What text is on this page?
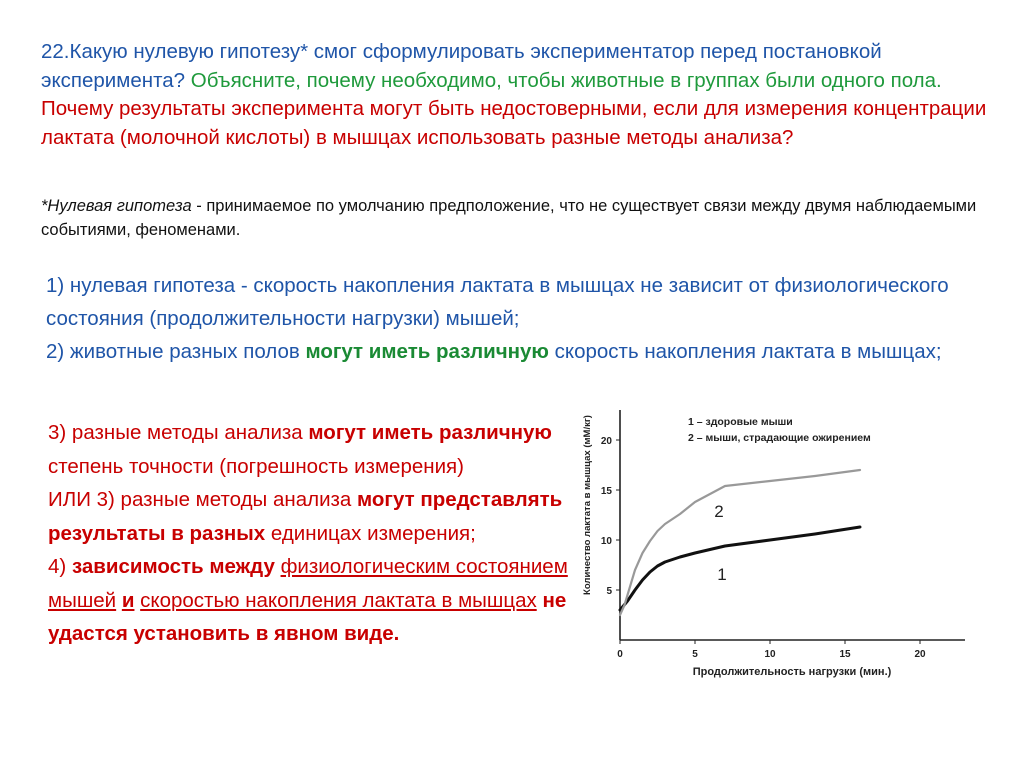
22.Какую нулевую гипотезу* смог сформулировать экспериментатор перед постановкой эксперимента? Объясните, почему необходимо, чтобы животные в группах были одного пола. Почему результаты эксперимента могут быть недостоверными, если для измерения концентрации лактата (молочной кислоты) в мышцах использовать разные методы анализа?
*Нулевая гипотеза - принимаемое по умолчанию предположение, что не существует связи между двумя наблюдаемыми событиями, феноменами.
1) нулевая гипотеза - скорость накопления лактата в мышцах не зависит от физиологического состояния (продолжительности нагрузки) мышей;
2) животные разных полов могут иметь различную скорость накопления лактата в мышцах;
3) разные методы анализа могут иметь различную степень точности (погрешность измерения)
ИЛИ 3) разные методы анализа могут представлять результаты в разных единицах измерения;
4) зависимость между физиологическим состоянием мышей и скоростью накопления лактата в мышцах не удастся установить в явном виде.
0	5	10	15	20
5
10
15
20
2
1
1 – здоровые мыши
2 – мыши, страдающие ожирением
Продолжительность нагрузки (мин.)
Количество лактата в мышцах (мМ/кг)
